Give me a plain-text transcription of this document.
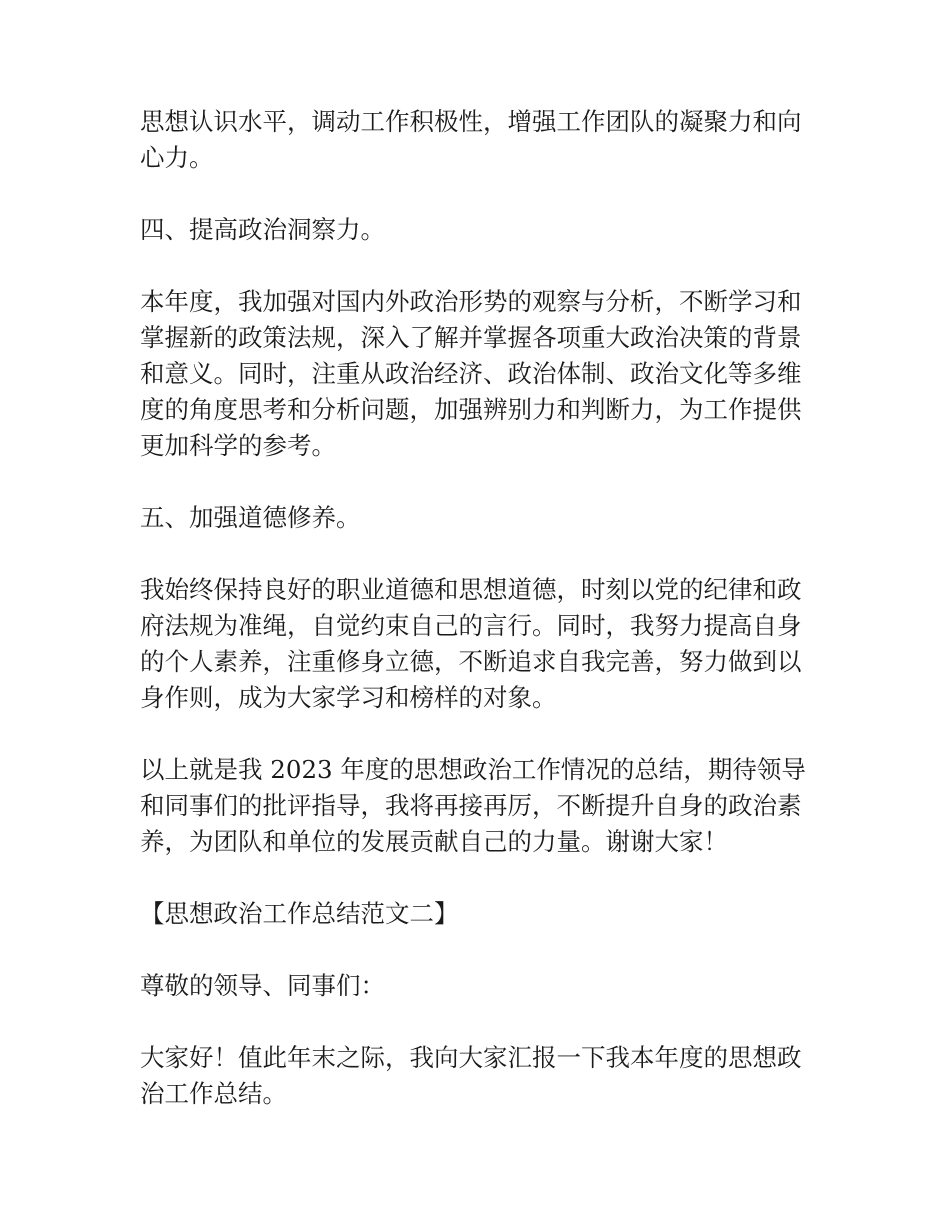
思想认识水平，调动工作积极性，增强工作团队的凝聚力和向
心力。

四、提高政治洞察力。

本年度，我加强对国内外政治形势的观察与分析，不断学习和
掌握新的政策法规，深入了解并掌握各项重大政治决策的背景
和意义。同时，注重从政治经济、政治体制、政治文化等多维
度的角度思考和分析问题，加强辨别力和判断力，为工作提供
更加科学的参考。

五、加强道德修养。

我始终保持良好的职业道德和思想道德，时刻以党的纪律和政
府法规为准绳，自觉约束自己的言行。同时，我努力提高自身
的个人素养，注重修身立德，不断追求自我完善，努力做到以
身作则，成为大家学习和榜样的对象。

以上就是我 2023 年度的思想政治工作情况的总结，期待领导
和同事们的批评指导，我将再接再厉，不断提升自身的政治素
养，为团队和单位的发展贡献自己的力量。谢谢大家！

【思想政治工作总结范文二】

尊敬的领导、同事们：

大家好！值此年末之际，我向大家汇报一下我本年度的思想政
治工作总结。
